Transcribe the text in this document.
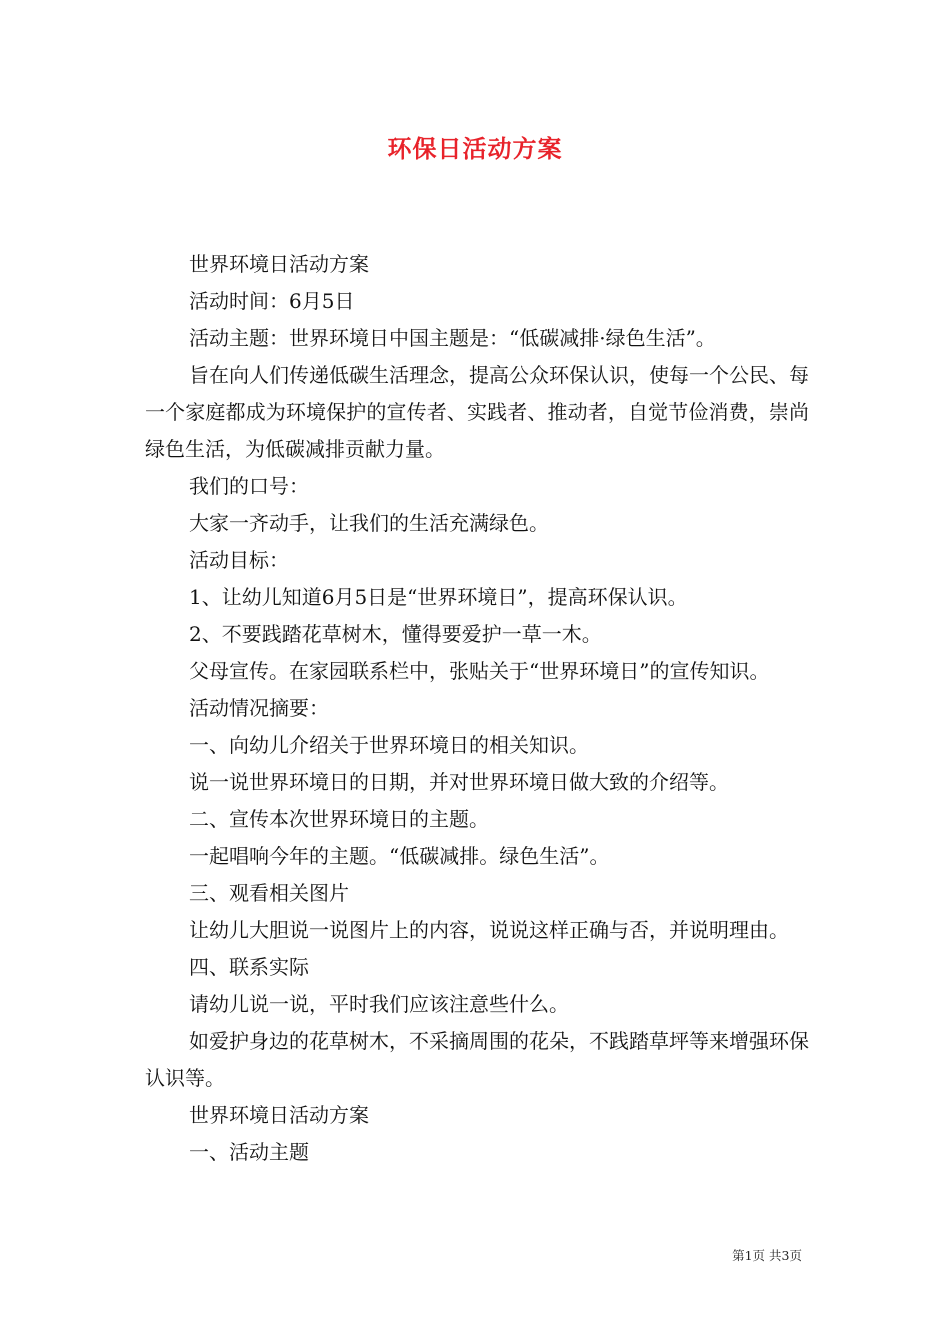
环保日活动方案

世界环境日活动方案

活动时间：6月5日

活动主题：世界环境日中国主题是：“低碳减排·绿色生活”。

旨在向人们传递低碳生活理念，提高公众环保认识，使每一个公民、每一个家庭都成为环境保护的宣传者、实践者、推动者，自觉节俭消费，崇尚绿色生活，为低碳减排贡献力量。

我们的口号：

大家一齐动手，让我们的生活充满绿色。

活动目标：

1、让幼儿知道6月5日是“世界环境日”，提高环保认识。

2、不要践踏花草树木，懂得要爱护一草一木。

父母宣传。在家园联系栏中，张贴关于“世界环境日”的宣传知识。

活动情况摘要：

一、向幼儿介绍关于世界环境日的相关知识。

说一说世界环境日的日期，并对世界环境日做大致的介绍等。

二、宣传本次世界环境日的主题。

一起唱响今年的主题。“低碳减排。绿色生活”。

三、观看相关图片

让幼儿大胆说一说图片上的内容，说说这样正确与否，并说明理由。

四、联系实际

请幼儿说一说，平时我们应该注意些什么。

如爱护身边的花草树木，不采摘周围的花朵，不践踏草坪等来增强环保认识等。

世界环境日活动方案

一、活动主题

第1页 共3页
